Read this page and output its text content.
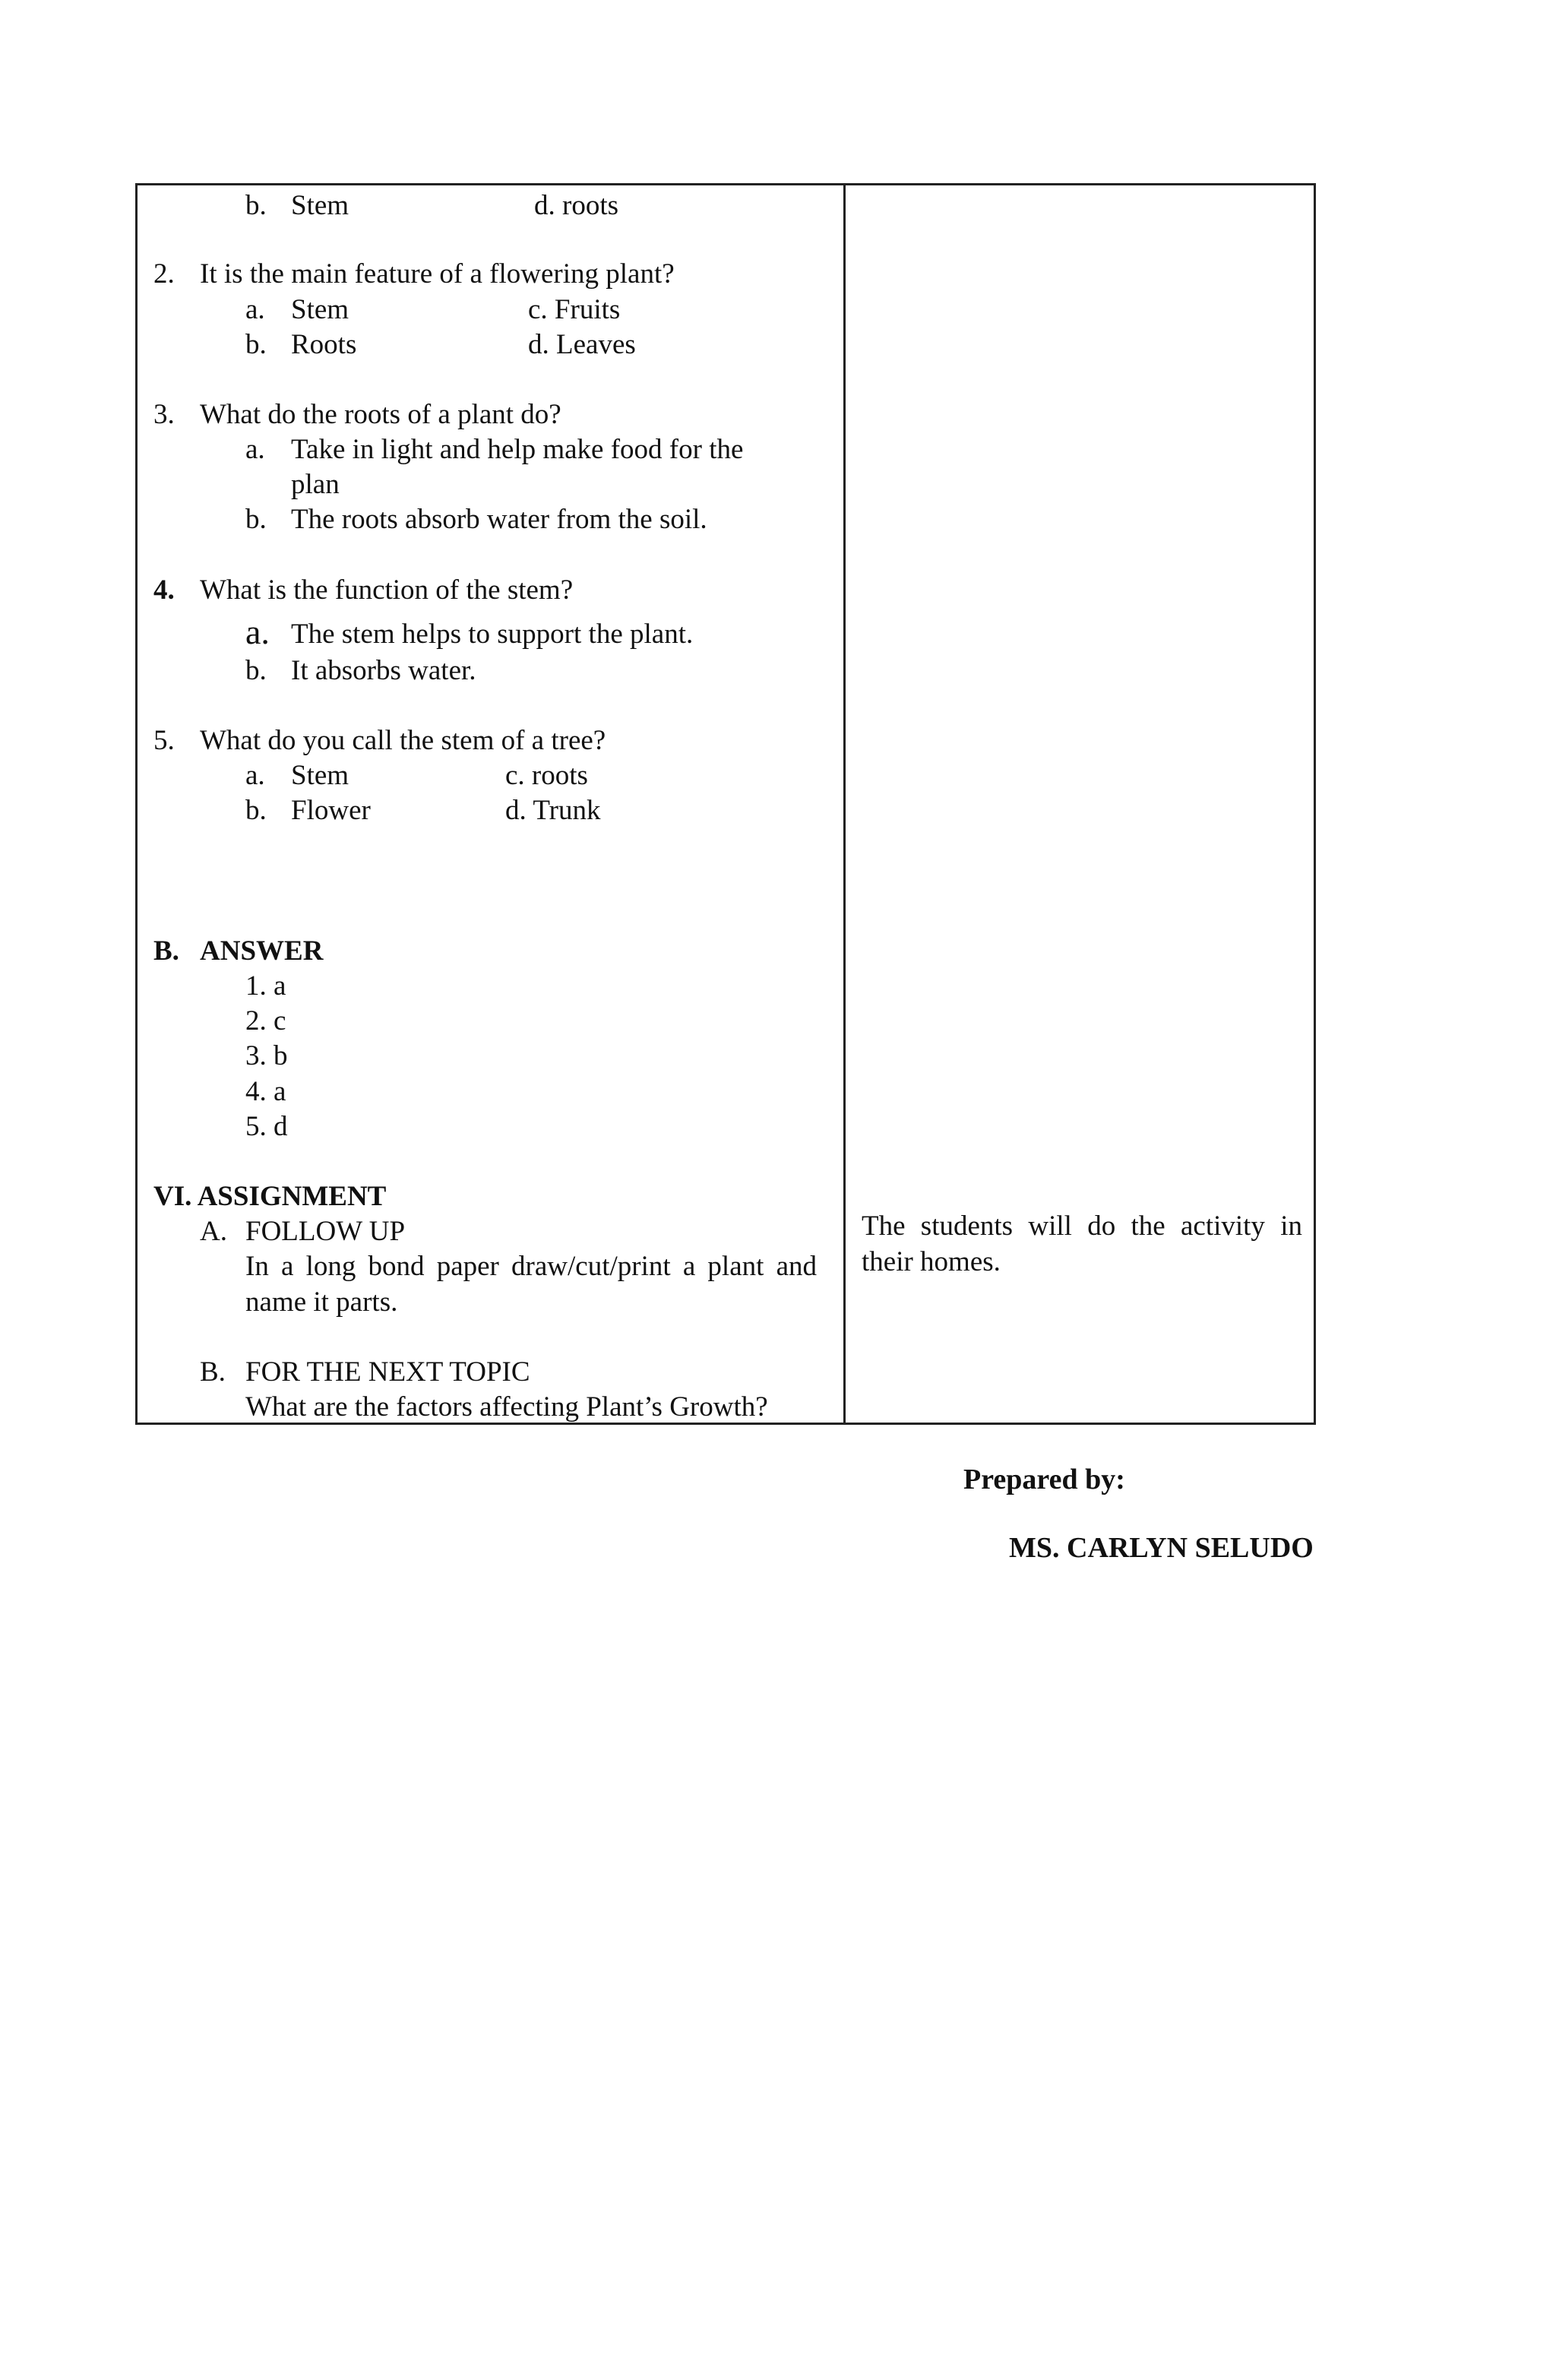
b. Stem	d. roots
2. It is the main feature of a flowering plant?
a. Stem	c. Fruits
b. Roots	d. Leaves
3. What do the roots of a plant do?
a. Take in light and help make food for the
plan
b. The roots absorb water from the soil.
4. What is the function of the stem?
a. The stem helps to support the plant.
b. It absorbs water.
5. What do you call the stem of a tree?
a. Stem	c. roots
b. Flower	d. Trunk
B. ANSWER
1. a
2. c
3. b
4. a
5. d
VI. ASSIGNMENT
A. FOLLOW UP
In a long bond paper draw/cut/print a plant and name it parts.
B. FOR THE NEXT TOPIC
What are the factors affecting Plant’s Growth?
The students will do the activity in their homes.
Prepared by:
MS. CARLYN SELUDO
